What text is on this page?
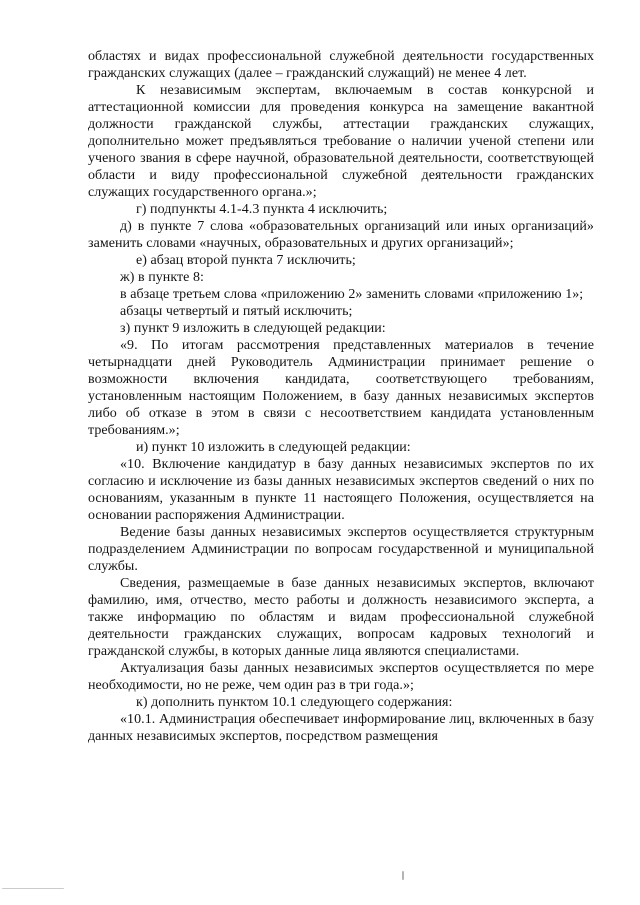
областях и видах профессиональной служебной деятельности государственных гражданских служащих (далее – гражданский служащий) не менее 4 лет.

К независимым экспертам, включаемым в состав конкурсной и аттестационной комиссии для проведения конкурса на замещение вакантной должности гражданской службы, аттестации гражданских служащих, дополнительно может предъявляться требование о наличии ученой степени или ученого звания в сфере научной, образовательной деятельности, соответствующей области и виду профессиональной служебной деятельности гражданских служащих государственного органа.»;

г) подпункты 4.1-4.3 пункта 4 исключить;

д) в пункте 7 слова «образовательных организаций или иных организаций» заменить словами «научных, образовательных и других организаций»;

е) абзац второй пункта 7 исключить;

ж) в пункте 8:

в абзаце третьем слова «приложению 2» заменить словами «приложению 1»;

абзацы четвертый и пятый исключить;

з) пункт 9 изложить в следующей редакции:

«9. По итогам рассмотрения представленных материалов в течение четырнадцати дней Руководитель Администрации принимает решение о возможности включения кандидата, соответствующего требованиям, установленным настоящим Положением, в базу данных независимых экспертов либо об отказе в этом в связи с несоответствием кандидата установленным требованиям.»;

и) пункт 10 изложить в следующей редакции:

«10. Включение кандидатур в базу данных независимых экспертов по их согласию и исключение из базы данных независимых экспертов сведений о них по основаниям, указанным в пункте 11 настоящего Положения, осуществляется на основании распоряжения Администрации.

Ведение базы данных независимых экспертов осуществляется структурным подразделением Администрации по вопросам государственной и муниципальной службы.

Сведения, размещаемые в базе данных независимых экспертов, включают фамилию, имя, отчество, место работы и должность независимого эксперта, а также информацию по областям и видам профессиональной служебной деятельности гражданских служащих, вопросам кадровых технологий и гражданской службы, в которых данные лица являются специалистами.

Актуализация базы данных независимых экспертов осуществляется по мере необходимости, но не реже, чем один раз в три года.»;

к) дополнить пунктом 10.1 следующего содержания:

«10.1. Администрация обеспечивает информирование лиц, включенных в базу данных независимых экспертов, посредством размещения
